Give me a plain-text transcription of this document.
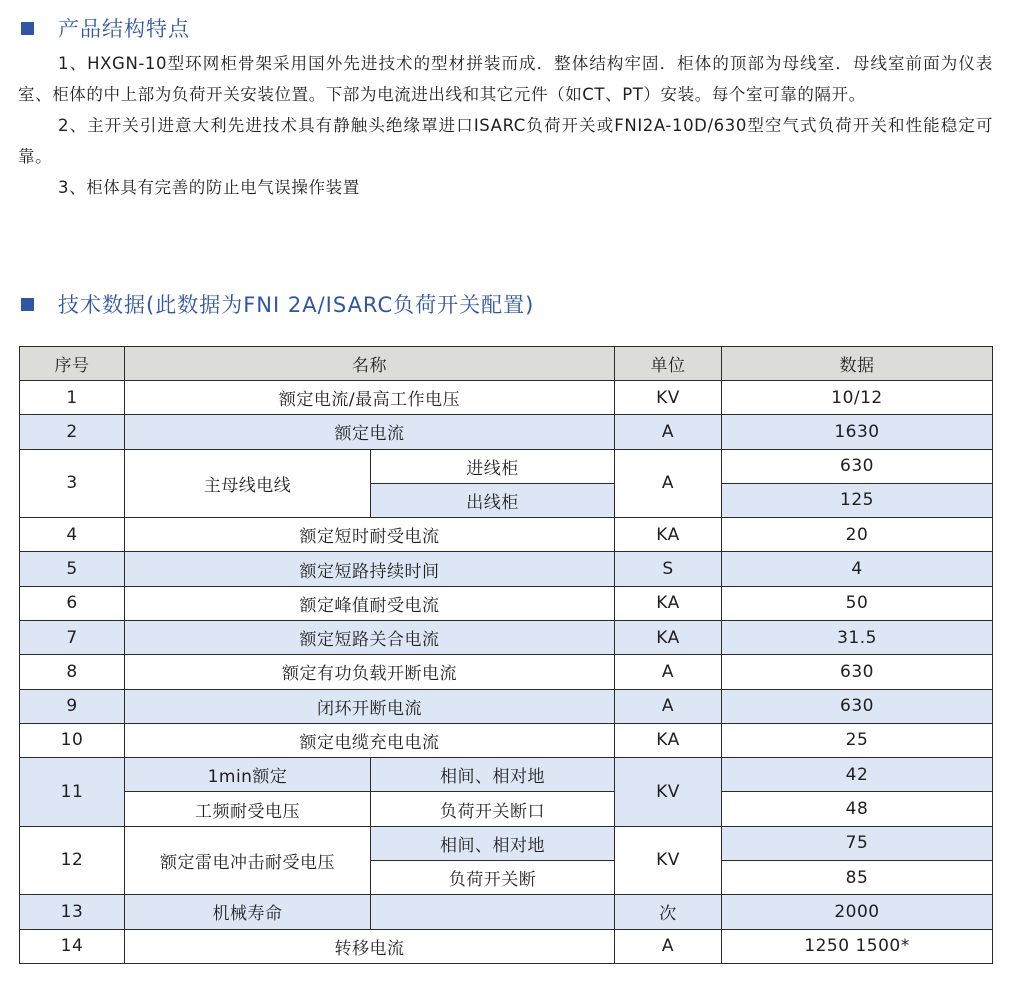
产品结构特点

1、HXGN-10型环网柜骨架采用国外先进技术的型材拼装而成．整体结构牢固．柜体的顶部为母线室．母线室前面为仪表室、柜体的中上部为负荷开关安装位置。下部为电流进出线和其它元件（如CT、PT）安装。每个室可靠的隔开。

2、主开关引进意大利先进技术具有静触头绝缘罩进口ISARC负荷开关或FNI2A-10D/630型空气式负荷开关和性能稳定可靠。

3、柜体具有完善的防止电气误操作装置

技术数据(此数据为FNI 2A/ISARC负荷开关配置)
序号	名称		单位	数据
1	额定电流/最高工作电压		KV	10/12
2	额定电流		A	1630
3	主母线电线	进线柜	A	630
		出线柜		125
4	额定短时耐受电流		KA	20
5	额定短路持续时间		S	4
6	额定峰值耐受电流		KA	50
7	额定短路关合电流		KA	31.5
8	额定有功负载开断电流		A	630
9	闭环开断电流		A	630
10	额定电缆充电电流		KA	25
11	1min额定	相间、相对地	KV	42
	工频耐受电压	负荷开关断口		48
12	额定雷电冲击耐受电压	相间、相对地	KV	75
		负荷开关断		85
13	机械寿命		次	2000
14	转移电流		A	1250 1500*
